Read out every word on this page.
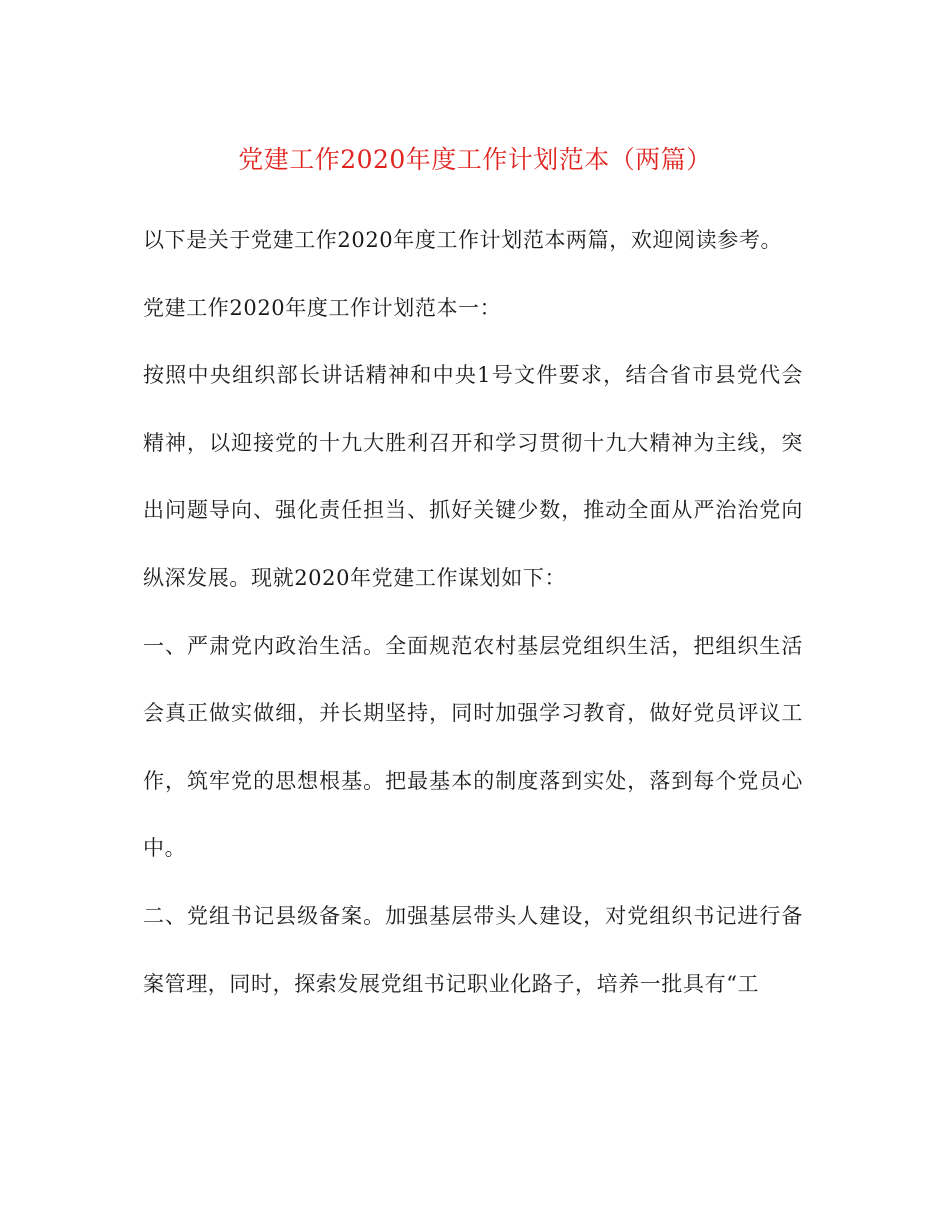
党建工作2020年度工作计划范本（两篇）
以下是关于党建工作2020年度工作计划范本两篇，欢迎阅读参考。
党建工作2020年度工作计划范本一：
按照中央组织部长讲话精神和中央1号文件要求，结合省市县党代会
精神，以迎接党的十九大胜利召开和学习贯彻十九大精神为主线，突
出问题导向、强化责任担当、抓好关键少数，推动全面从严治治党向
纵深发展。现就2020年党建工作谋划如下：
一、严肃党内政治生活。全面规范农村基层党组织生活，把组织生活
会真正做实做细，并长期坚持，同时加强学习教育，做好党员评议工
作，筑牢党的思想根基。把最基本的制度落到实处，落到每个党员心
中。
二、党组书记县级备案。加强基层带头人建设，对党组织书记进行备
案管理，同时，探索发展党组书记职业化路子，培养一批具有“工
